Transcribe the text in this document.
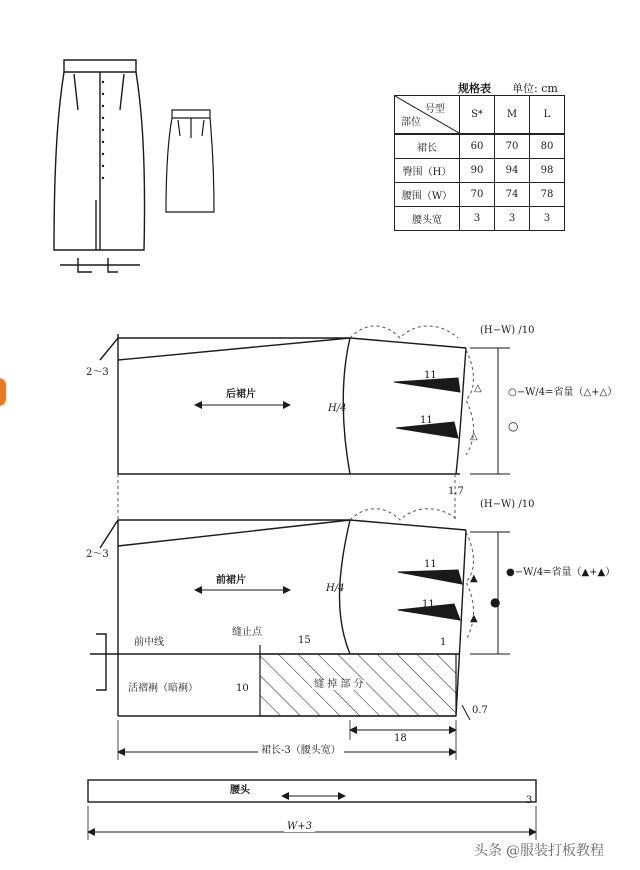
规格表 单位: cm
号型
部位	S*	M	L
裙长	60	70	80
臀围（H）	90	94	98
腰围（W）	70	74	78
腰头宽	3	3	3
(H−W) /10
2～3
后裙片
H/4
11
11
△
△
○−W/4=省量（△+△）
○
1.7
(H−W) /10
2～3
前裙片
H/4
11
11
▲
▲
●−W/4=省量（▲+▲）
●
前中线
缝止点
15	1
活褶裥（暗裥）	10	缝 掉 部 分
0.7
18
裙长-3（腰头宽）
腰头
3
W+3
头条 @服装打板教程
